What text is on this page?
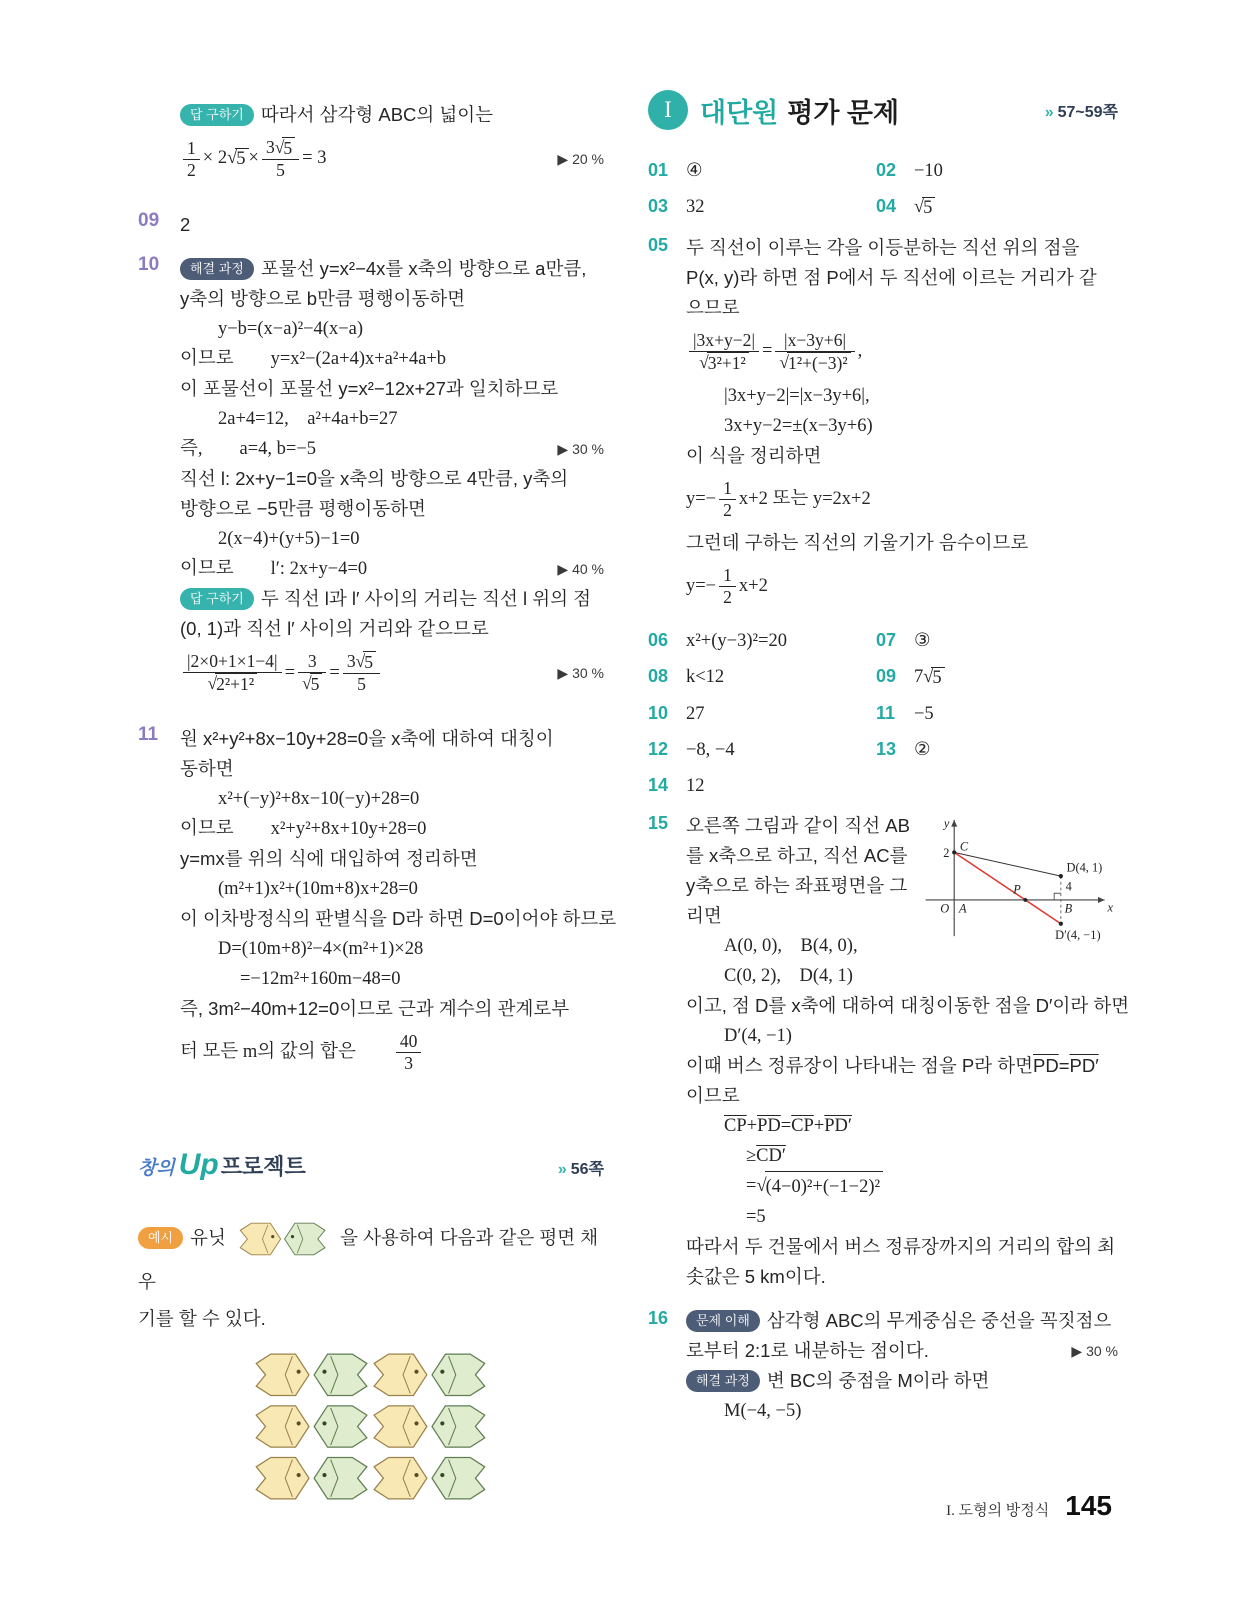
답 구하기 따라서 삼각형 ABC의 넓이는
$\frac{1}{2} \times 2$ √ $5 \times \frac{3 √ 5}{5} = 3$	▶ 20 %
09	2
10	해결 과정 포물선 y=x²−4x를 x축의 방향으로 a만큼,
y축의 방향으로 b만큼 평행이동하면
y−b=(x−a)²−4(x−a)
이므로　　y=x²−(2a+4)x+a²+4a+b
이 포물선이 포물선 y=x²−12x+27과 일치하므로
2a+4=12,　a²+4a+b=27
즉,　　a=4, b=−5	▶ 30 %
직선 l: 2x+y−1=0을 x축의 방향으로 4만큼, y축의
방향으로 −5만큼 평행이동하면
2(x−4)+(y+5)−1=0
이므로　　l′: 2x+y−4=0	▶ 40 %
답 구하기 두 직선 l과 l′ 사이의 거리는 직선 l 위의 점
(0, 1)과 직선 l′ 사이의 거리와 같으므로
$\frac{|2\times 0+1\times 1-4|}{\text{√ 2²+1²}} = \frac{3}{√ 5} = \frac{3 √ 5}{5}$	▶ 30 %
11	원 x²+y²+8x−10y+28=0을 x축에 대하여 대칭이
동하면
x²+(−y)²+8x−10(−y)+28=0
이므로　　x²+y²+8x+10y+28=0
y=mx를 위의 식에 대입하여 정리하면
(m²+1)x²+(10m+8)x+28=0
이 이차방정식의 판별식을 D라 하면 D=0이어야 하므로
D=(10m+8)²−4×(m²+1)×28
=−12m²+160m−48=0
즉, 3m²−40m+12=0이므로 근과 계수의 관계로부
터 모든 m의 값의 합은　　 $\frac{40}{3}$
창의 Up 프로젝트	» 56쪽
예시 유닛	을 사용하여 다음과 같은 평면 채우
기를 할 수 있다.
I	대단원 평가 문제	» 57~59쪽
01 ④	02 −10
03 32	04 √ 5
05 두 직선이 이루는 각을 이등분하는 직선 위의 점을
P(x, y)라 하면 점 P에서 두 직선에 이르는 거리가 같
으므로
$\frac{|3x+y-2|}{\text{√ 3²+1²}} = \frac{|x-3y+6|}{\text{√ 1²+(−3)²}}$ ,
|3x+y−2|=|x−3y+6|,
3x+y−2=±(x−3y+6)
이 식을 정리하면
$y=- \frac{1}{2} x+2$ 또는 y=2x+2
그런데 구하는 직선의 기울기가 음수이므로
$y=- \frac{1}{2} x+2$
06 x²+(y−3)²=20	07 ③
08 k<12	09 7 √ 5
10 27	11	−5
12 −8, −4	13 ②
14 12
15	y
x
O A	B
C
2
P	4
D(4, 1)
D′(4, −1)
오른쪽 그림과 같이 직선 AB
를 x축으로 하고, 직선 AC를
y축으로 하는 좌표평면을 그
리면
A(0, 0),　B(4, 0),
C(0, 2),　D(4, 1)
이고, 점 D를 x축에 대하여 대칭이동한 점을 D′이라 하면
D′(4, −1)
이때 버스 정류장이 나타내는 점을 P라 하면 $\overline{PD} = PD'$
이므로
$\overline{CP} + \overline{PD} = \overline{CP} + PD'$
≥ CD′
= √ (4−0)²+(−1−2)²
=5
따라서 두 건물에서 버스 정류장까지의 거리의 합의 최
솟값은 5 km이다.
16	문제 이해 삼각형 ABC의 무게중심은 중선을 꼭짓점으
로부터 2:1로 내분하는 점이다.	▶ 30 %
해결 과정 변 BC의 중점을 M이라 하면
M(−4, −5)
I. 도형의 방정식 145
